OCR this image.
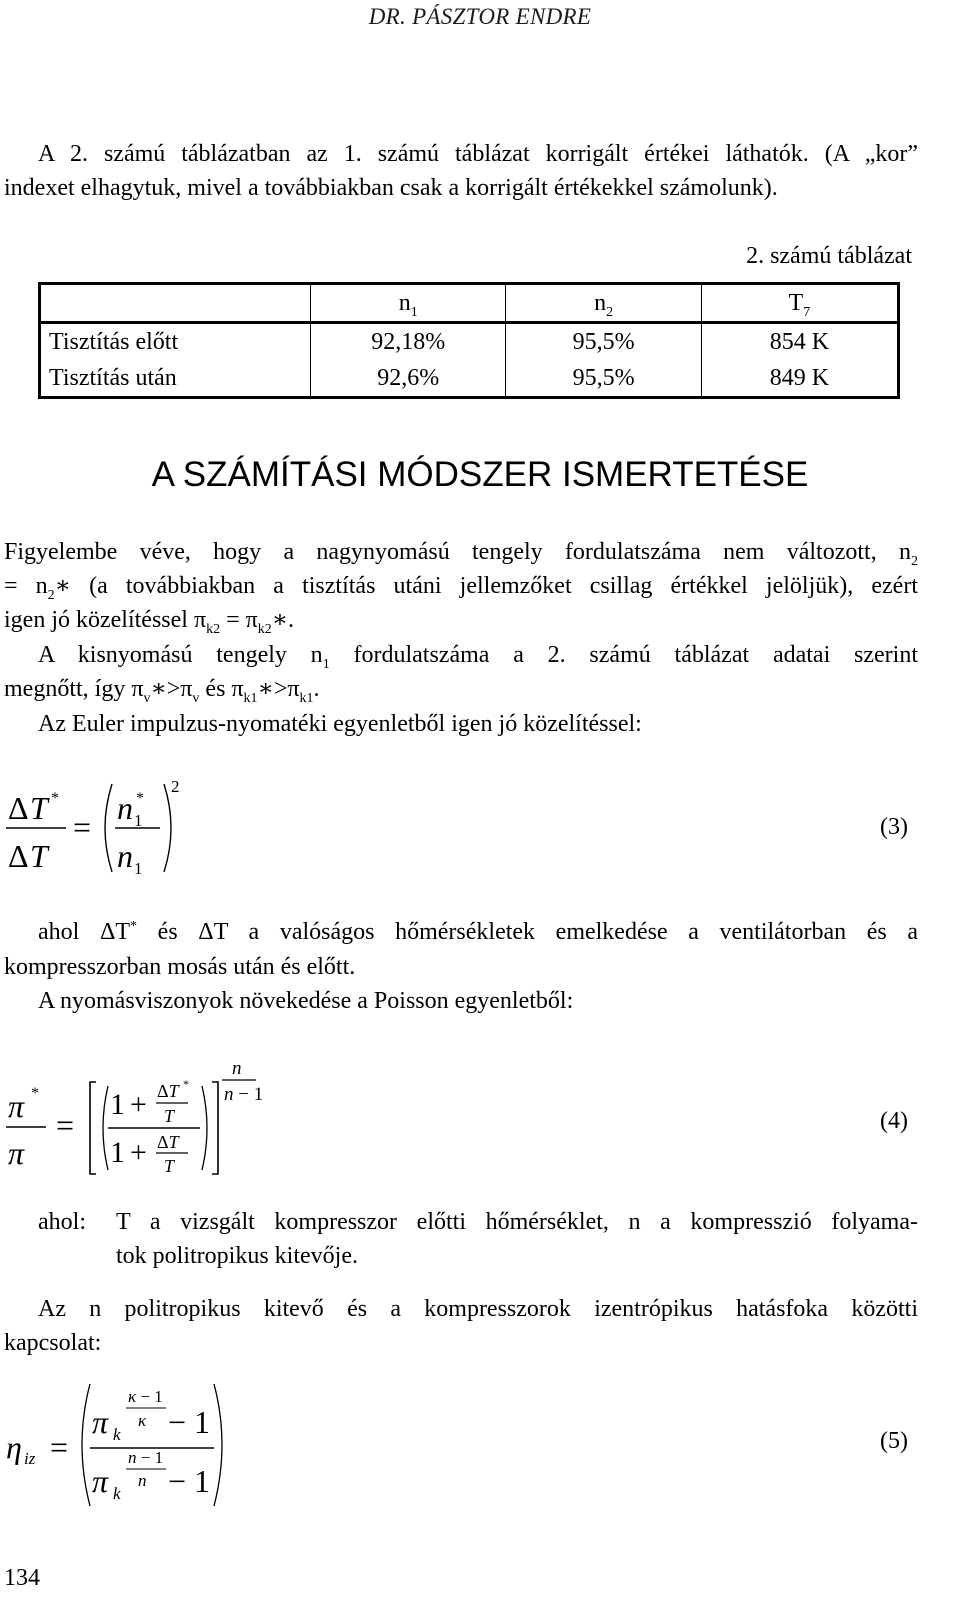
DR. PÁSZTOR ENDRE
A 2. számú táblázatban az 1. számú táblázat korrigált értékei láthatók. (A „kor”
indexet elhagytuk, mivel a továbbiakban csak a korrigált értékekkel számolunk).
2. számú táblázat
	$n_1$	$n_2$	$T_7$
Tisztítás előtt	92,18%	95,5%	854 K
Tisztítás után	92,6%	95,5%	849 K
A SZÁMÍTÁSI MÓDSZER ISMERTETÉSE
Figyelembe véve, hogy a nagynyomású tengely fordulatszáma nem változott, $n_2$
= $n_2∗$ (a továbbiakban a tisztítás utáni jellemzőket csillag értékkel jelöljük), ezért
igen jó közelítéssel $\pi_{k2}$ = $\pi_{k2}∗$.
A kisnyomású tengely $n_1$ fordulatszáma a 2. számú táblázat adatai szerint
megnőtt, így $\pi_v∗>\pi_v$ és $\pi_{k1}∗>\pi_{k1}$.
Az Euler impulzus-nyomatéki egyenletből igen jó közelítéssel:
Δ T *
Δ T
=
n 1
*
n 1
2
(3)
ahol ΔT* és ΔT a valóságos hőmérsékletek emelkedése a ventilátorban és a
kompresszorban mosás után és előtt.
A nyomásviszonyok növekedése a Poisson egyenletből:
π *
π
=
1 + ΔT *
T
1 + ΔT
T
n
n − 1
(4)
ahol: T a vizsgált kompresszor előtti hőmérséklet, n a kompresszió folyama-
tok politropikus kitevője.
Az n politropikus kitevő és a kompresszorok izentrópikus hatásfoka közötti
kapcsolat:
η iz =
π k
κ − 1
κ − 1
π k
n − 1
n − 1
(5)
134
